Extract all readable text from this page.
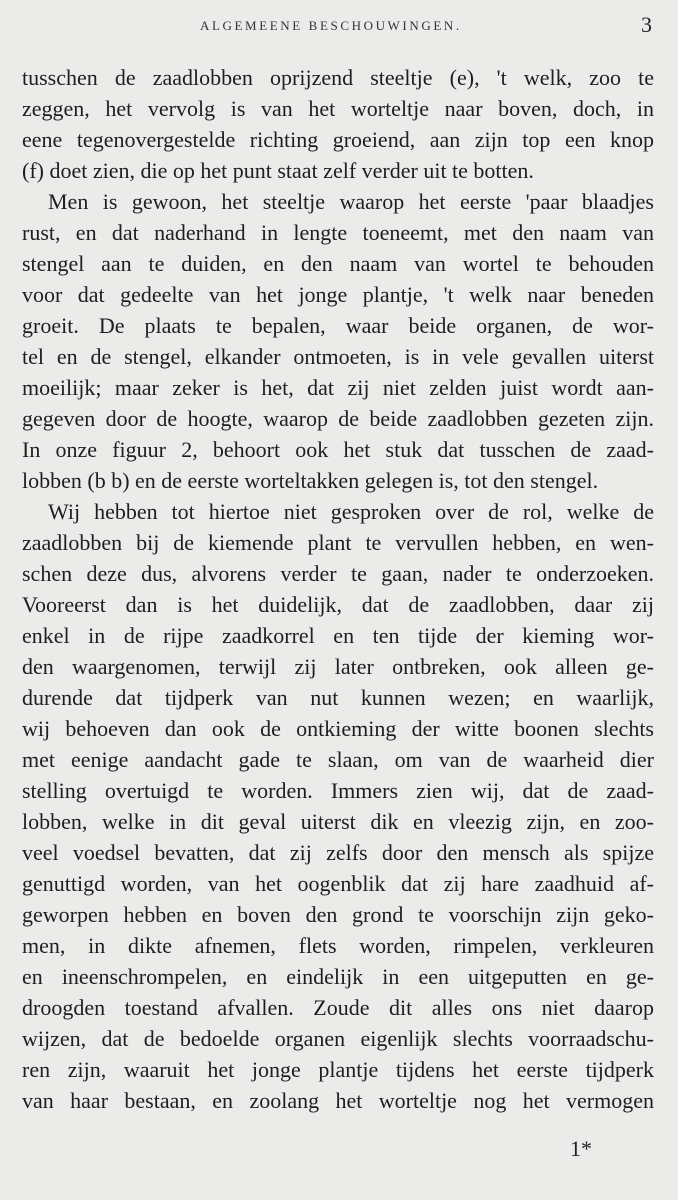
ALGEMEENE BESCHOUWINGEN.	3
tusschen de zaadlobben oprijzend steeltje (e), 't welk, zoo te
zeggen, het vervolg is van het worteltje naar boven, doch, in
eene tegenovergestelde richting groeiend, aan zijn top een knop
(f) doet zien, die op het punt staat zelf verder uit te botten.
Men is gewoon, het steeltje waarop het eerste 'paar blaadjes
rust, en dat naderhand in lengte toeneemt, met den naam van
stengel aan te duiden, en den naam van wortel te behouden
voor dat gedeelte van het jonge plantje, 't welk naar beneden
groeit. De plaats te bepalen, waar beide organen, de wor-
tel en de stengel, elkander ontmoeten, is in vele gevallen uiterst
moeilijk; maar zeker is het, dat zij niet zelden juist wordt aan-
gegeven door de hoogte, waarop de beide zaadlobben gezeten zijn.
In onze figuur 2, behoort ook het stuk dat tusschen de zaad-
lobben (b b) en de eerste worteltakken gelegen is, tot den stengel.
Wij hebben tot hiertoe niet gesproken over de rol, welke de
zaadlobben bij de kiemende plant te vervullen hebben, en wen-
schen deze dus, alvorens verder te gaan, nader te onderzoeken.
Vooreerst dan is het duidelijk, dat de zaadlobben, daar zij
enkel in de rijpe zaadkorrel en ten tijde der kieming wor-
den waargenomen, terwijl zij later ontbreken, ook alleen ge-
durende dat tijdperk van nut kunnen wezen; en waarlijk,
wij behoeven dan ook de ontkieming der witte boonen slechts
met eenige aandacht gade te slaan, om van de waarheid dier
stelling overtuigd te worden. Immers zien wij, dat de zaad-
lobben, welke in dit geval uiterst dik en vleezig zijn, en zoo-
veel voedsel bevatten, dat zij zelfs door den mensch als spijze
genuttigd worden, van het oogenblik dat zij hare zaadhuid af-
geworpen hebben en boven den grond te voorschijn zijn geko-
men, in dikte afnemen, flets worden, rimpelen, verkleuren
en ineenschrompelen, en eindelijk in een uitgeputten en ge-
droogden toestand afvallen. Zoude dit alles ons niet daarop
wijzen, dat de bedoelde organen eigenlijk slechts voorraadschu-
ren zijn, waaruit het jonge plantje tijdens het eerste tijdperk
van haar bestaan, en zoolang het worteltje nog het vermogen
1*
